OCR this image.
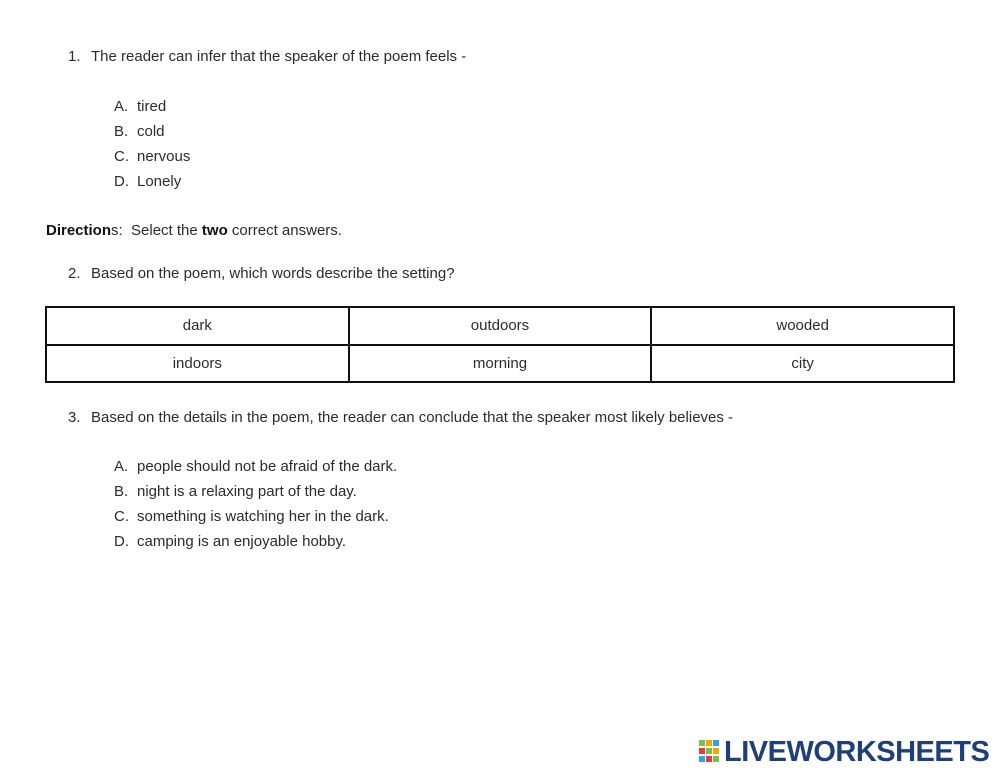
1. The reader can infer that the speaker of the poem feels -
A. tired
B. cold
C. nervous
D. Lonely
Directions: Select the two correct answers.
2. Based on the poem, which words describe the setting?
dark	outdoors	wooded
indoors	morning	city
3. Based on the details in the poem, the reader can conclude that the speaker most likely believes -
A. people should not be afraid of the dark.
B. night is a relaxing part of the day.
C. something is watching her in the dark.
D. camping is an enjoyable hobby.
LIVEWORKSHEETS
